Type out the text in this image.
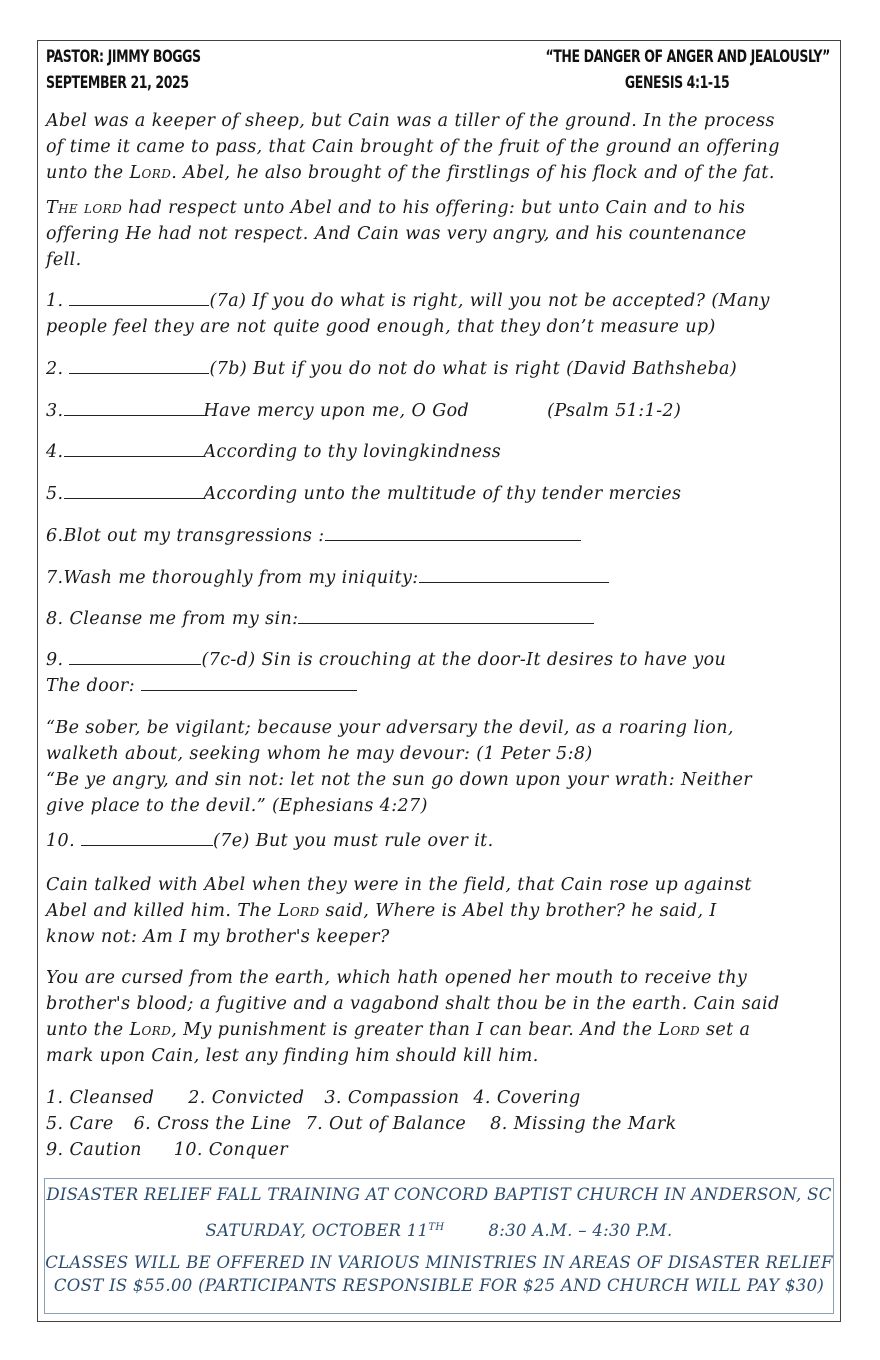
PASTOR: JIMMY BOGGS
SEPTEMBER 21, 2025
“THE DANGER OF ANGER AND JEALOUSLY”
GENESIS 4:1-15
Abel was a keeper of sheep, but Cain was a tiller of the ground. In the process
of time it came to pass, that Cain brought of the fruit of the ground an offering
unto the Lord. Abel, he also brought of the firstlings of his flock and of the fat.
The lord had respect unto Abel and to his offering: but unto Cain and to his
offering He had not respect. And Cain was very angry, and his countenance
fell.
1.	(7a) If you do what is right, will you not be accepted? (Many
people feel they are not quite good enough, that they don’t measure up)
2.	(7b) But if you do not do what is right (David Bathsheba)
3.	Have mercy upon me, O God	(Psalm 51:1-2)
4.	According to thy lovingkindness
5.	According unto the multitude of thy tender mercies
6.Blot out my transgressions :
7.Wash me thoroughly from my iniquity:
8. Cleanse me from my sin:
9.	(7c-d) Sin is crouching at the door-It desires to have you
The door:
“Be sober, be vigilant; because your adversary the devil, as a roaring lion,
walketh about, seeking whom he may devour: (1 Peter 5:8)
“Be ye angry, and sin not: let not the sun go down upon your wrath: Neither
give place to the devil.” (Ephesians 4:27)
10.	(7e) But you must rule over it.
Cain talked with Abel when they were in the field, that Cain rose up against
Abel and killed him. The Lord said, Where is Abel thy brother? he said, I
know not: Am I my brother's keeper?
You are cursed from the earth, which hath opened her mouth to receive thy
brother's blood; a fugitive and a vagabond shalt thou be in the earth. Cain said
unto the Lord, My punishment is greater than I can bear. And the Lord set a
mark upon Cain, lest any finding him should kill him.
1. Cleansed 2. Convicted 3. Compassion 4. Covering
5. Care 6. Cross the Line 7. Out of Balance 8. Missing the Mark
9. Caution 10. Conquer
DISASTER RELIEF FALL TRAINING AT CONCORD BAPTIST CHURCH IN ANDERSON, SC
SATURDAY, OCTOBER 11TH	8:30 A.M. – 4:30 P.M.
CLASSES WILL BE OFFERED IN VARIOUS MINISTRIES IN AREAS OF DISASTER RELIEF
COST IS $55.00 (PARTICIPANTS RESPONSIBLE FOR $25 AND CHURCH WILL PAY $30)
